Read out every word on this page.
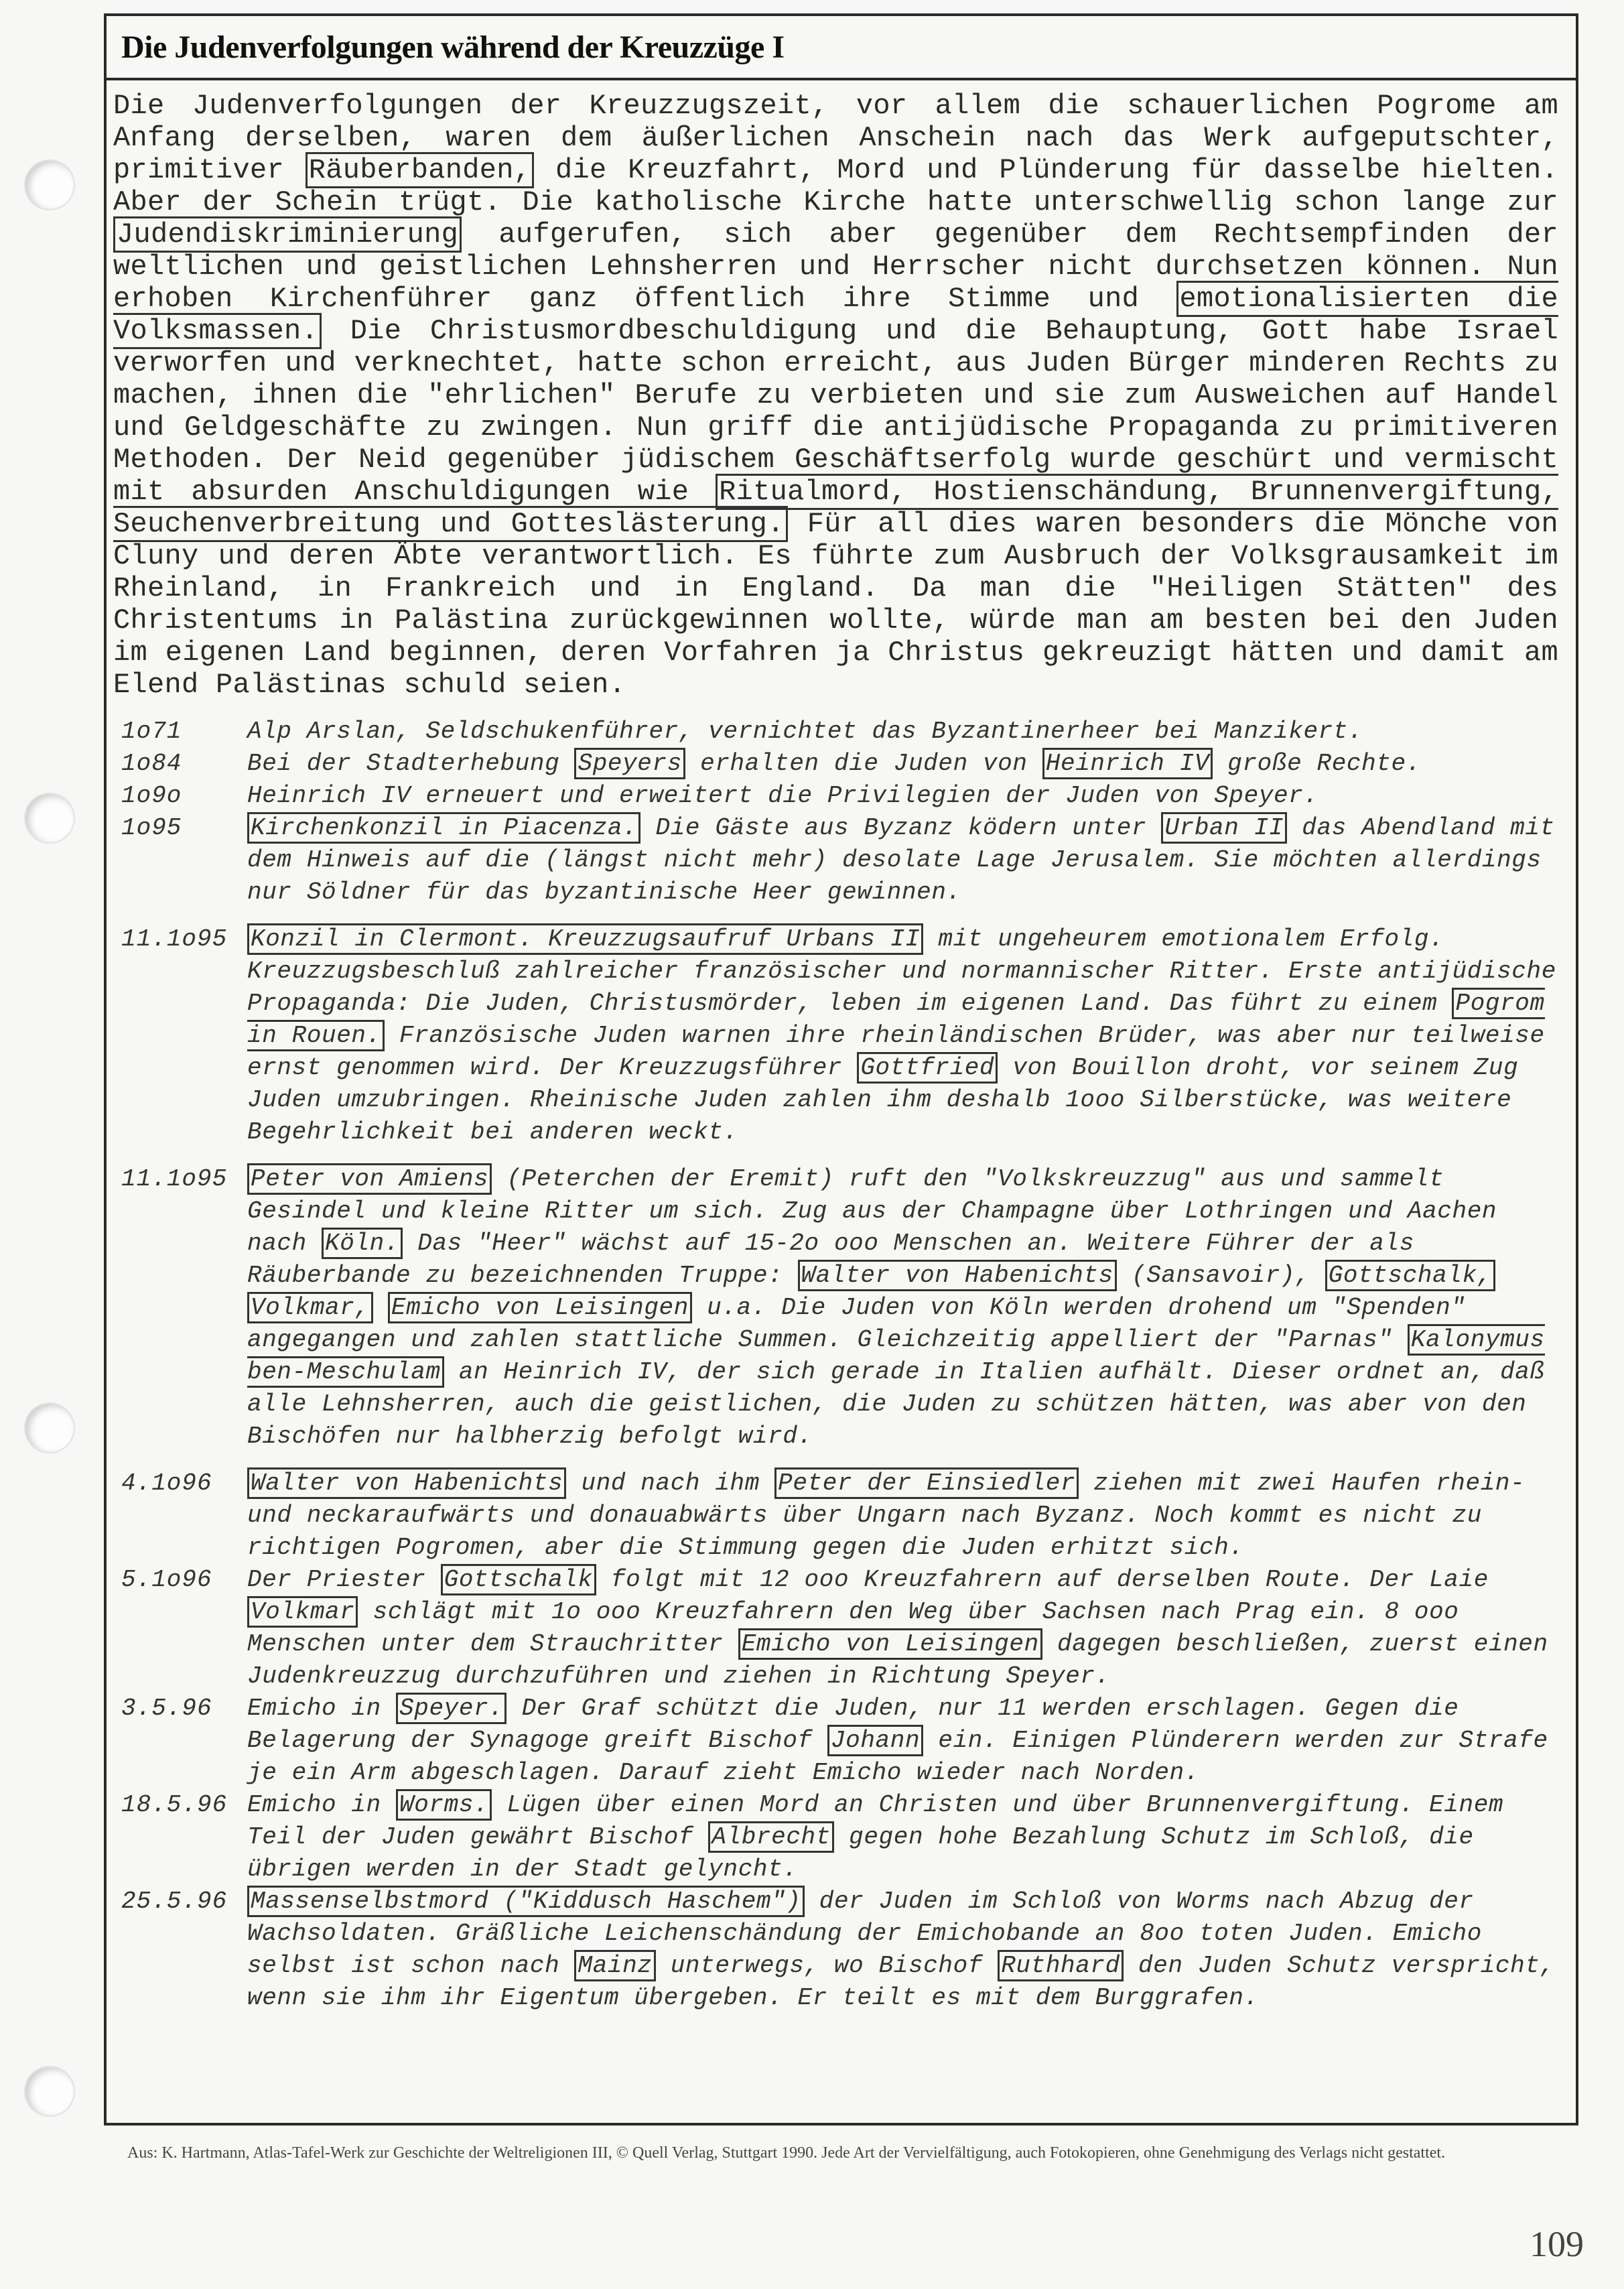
Die Judenverfolgungen während der Kreuzzüge I
Die Judenverfolgungen der Kreuzzugszeit, vor allem die schauerlichen Pogrome am Anfang derselben, waren dem äußerlichen Anschein nach das Werk aufgeputschter, primitiver Räuberbanden, die Kreuzfahrt, Mord und Plünderung für dasselbe hielten. Aber der Schein trügt. Die katholische Kirche hatte unterschwellig schon lange zur Judendiskriminierung aufgerufen, sich aber gegenüber dem Rechtsempfinden der weltlichen und geistlichen Lehnsherren und Herrscher nicht durchsetzen können. Nun erhoben Kirchenführer ganz öffentlich ihre Stimme und emotionalisierten die Volksmassen. Die Christusmordbeschuldigung und die Behauptung, Gott habe Israel verworfen und verknechtet, hatte schon erreicht, aus Juden Bürger minderen Rechts zu machen, ihnen die "ehrlichen" Berufe zu verbieten und sie zum Ausweichen auf Handel und Geldgeschäfte zu zwingen. Nun griff die antijüdische Propaganda zu primitiveren Methoden. Der Neid gegenüber jüdischem Geschäftserfolg wurde geschürt und vermischt mit absurden Anschuldigungen wie Ritualmord, Hostienschändung, Brunnenvergiftung, Seuchenverbreitung und Gotteslästerung. Für all dies waren besonders die Mönche von Cluny und deren Äbte verantwortlich. Es führte zum Ausbruch der Volksgrausamkeit im Rheinland, in Frankreich und in England. Da man die "Heiligen Stätten" des Christentums in Palästina zurückgewinnen wollte, würde man am besten bei den Juden im eigenen Land beginnen, deren Vorfahren ja Christus gekreuzigt hätten und damit am Elend Palästinas schuld seien.
1o71	Alp Arslan, Seldschukenführer, vernichtet das Byzantinerheer bei Manzikert.
1o84	Bei der Stadterhebung Speyers erhalten die Juden von Heinrich IV große Rechte.
1o9o	Heinrich IV erneuert und erweitert die Privilegien der Juden von Speyer.
1o95	Kirchenkonzil in Piacenza. Die Gäste aus Byzanz ködern unter Urban II das Abendland mit dem Hinweis auf die (längst nicht mehr) desolate Lage Jerusalem. Sie möchten allerdings nur Söldner für das byzantinische Heer gewinnen.
11.1o95 Konzil in Clermont. Kreuzzugsaufruf Urbans II mit ungeheurem emotionalem Erfolg. Kreuzzugsbeschluß zahlreicher französischer und normannischer Ritter. Erste antijüdische Propaganda: Die Juden, Christusmörder, leben im eigenen Land. Das führt zu einem Pogrom in Rouen. Französische Juden warnen ihre rheinländischen Brüder, was aber nur teilweise ernst genommen wird. Der Kreuzzugsführer Gottfried von Bouillon droht, vor seinem Zug Juden umzubringen. Rheinische Juden zahlen ihm deshalb 1ooo Silberstücke, was weitere Begehrlichkeit bei anderen weckt.
11.1o95 Peter von Amiens (Peterchen der Eremit) ruft den "Volkskreuzzug" aus und sammelt Gesindel und kleine Ritter um sich. Zug aus der Champagne über Lothringen und Aachen nach Köln. Das "Heer" wächst auf 15-2o ooo Menschen an. Weitere Führer der als Räuberbande zu bezeichnenden Truppe: Walter von Habenichts (Sansavoir), Gottschalk, Volkmar, Emicho von Leisingen u.a. Die Juden von Köln werden drohend um "Spenden" angegangen und zahlen stattliche Summen. Gleichzeitig appelliert der "Parnas" Kalonymus ben-Meschulam an Heinrich IV, der sich gerade in Italien aufhält. Dieser ordnet an, daß alle Lehnsherren, auch die geistlichen, die Juden zu schützen hätten, was aber von den Bischöfen nur halbherzig befolgt wird.
4.1o96	Walter von Habenichts und nach ihm Peter der Einsiedler ziehen mit zwei Haufen rhein- und neckaraufwärts und donauabwärts über Ungarn nach Byzanz. Noch kommt es nicht zu richtigen Pogromen, aber die Stimmung gegen die Juden erhitzt sich.
5.1o96	Der Priester Gottschalk folgt mit 12 ooo Kreuzfahrern auf derselben Route. Der Laie Volkmar schlägt mit 1o ooo Kreuzfahrern den Weg über Sachsen nach Prag ein. 8 ooo Menschen unter dem Strauchritter Emicho von Leisingen dagegen beschließen, zuerst einen Judenkreuzzug durchzuführen und ziehen in Richtung Speyer.
3.5.96	Emicho in Speyer. Der Graf schützt die Juden, nur 11 werden erschlagen. Gegen die Belagerung der Synagoge greift Bischof Johann ein. Einigen Plünderern werden zur Strafe je ein Arm abgeschlagen. Darauf zieht Emicho wieder nach Norden.
18.5.96 Emicho in Worms. Lügen über einen Mord an Christen und über Brunnenvergiftung. Einem Teil der Juden gewährt Bischof Albrecht gegen hohe Bezahlung Schutz im Schloß, die übrigen werden in der Stadt gelyncht.
25.5.96 Massenselbstmord ("Kiddusch Haschem") der Juden im Schloß von Worms nach Abzug der Wachsoldaten. Gräßliche Leichenschändung der Emichobande an 8oo toten Juden. Emicho selbst ist schon nach Mainz unterwegs, wo Bischof Ruthhard den Juden Schutz verspricht, wenn sie ihm ihr Eigentum übergeben. Er teilt es mit dem Burggrafen.
Aus: K. Hartmann, Atlas-Tafel-Werk zur Geschichte der Weltreligionen III, © Quell Verlag, Stuttgart 1990. Jede Art der Vervielfältigung, auch Fotokopieren, ohne Genehmigung des Verlags nicht gestattet.
109
